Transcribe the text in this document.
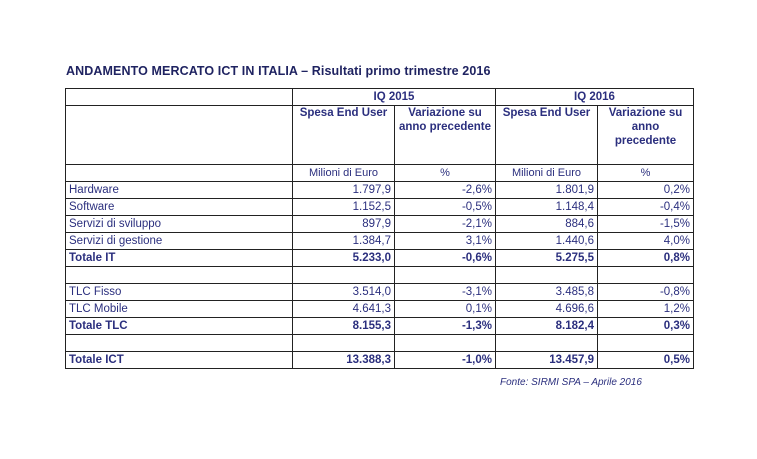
ANDAMENTO MERCATO ICT IN ITALIA – Risultati primo trimestre 2016
	IQ 2015		IQ 2016	
	Spesa End User	Variazione su anno precedente	Spesa End User	Variazione su anno precedente
	Milioni di Euro	%	Milioni di Euro	%
Hardware	1.797,9	-2,6%	1.801,9	0,2%
Software	1.152,5	-0,5%	1.148,4	-0,4%
Servizi di sviluppo	897,9	-2,1%	884,6	-1,5%
Servizi di gestione	1.384,7	3,1%	1.440,6	4,0%
Totale IT	5.233,0	-0,6%	5.275,5	0,8%

TLC Fisso	3.514,0	-3,1%	3.485,8	-0,8%
TLC Mobile	4.641,3	0,1%	4.696,6	1,2%
Totale TLC	8.155,3	-1,3%	8.182,4	0,3%

Totale ICT	13.388,3	-1,0%	13.457,9	0,5%
Fonte: SIRMI SPA – Aprile 2016
